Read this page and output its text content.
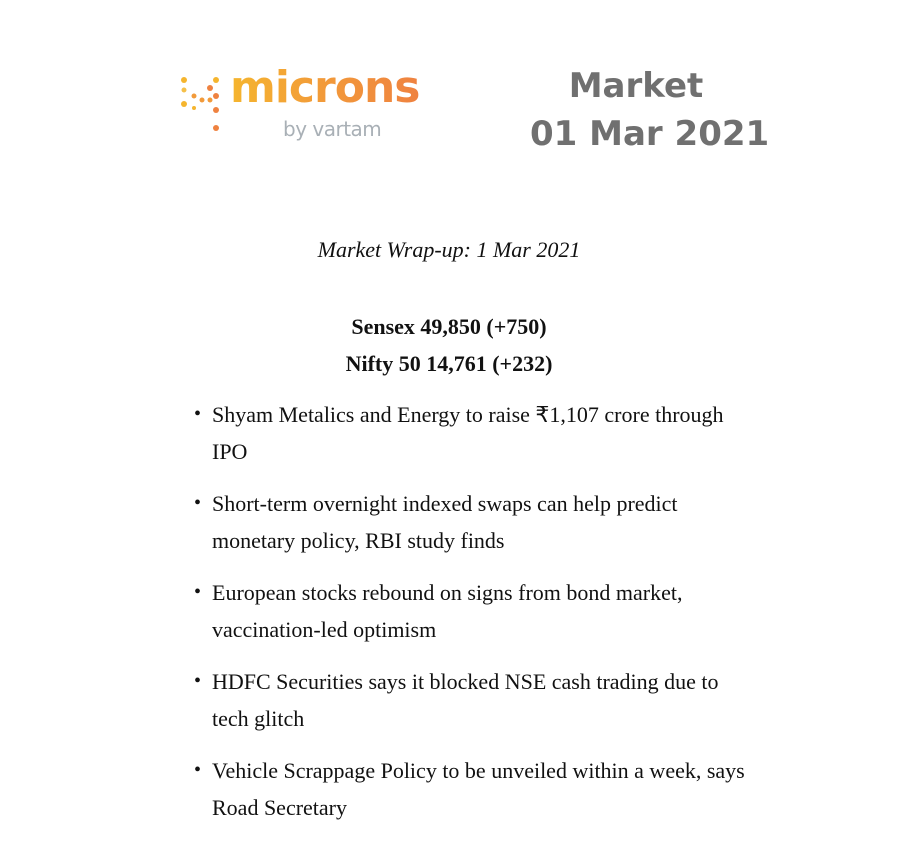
microns
by vartam
Market
01 Mar 2021
Market Wrap-up: 1 Mar 2021
Sensex 49,850 (+750)
Nifty 50 14,761 (+232)
• Shyam Metalics and Energy to raise ₹1,107 crore through IPO
• Short-term overnight indexed swaps can help predict monetary policy, RBI study finds
• European stocks rebound on signs from bond market, vaccination-led optimism
• HDFC Securities says it blocked NSE cash trading due to tech glitch
• Vehicle Scrappage Policy to be unveiled within a week, says Road Secretary
